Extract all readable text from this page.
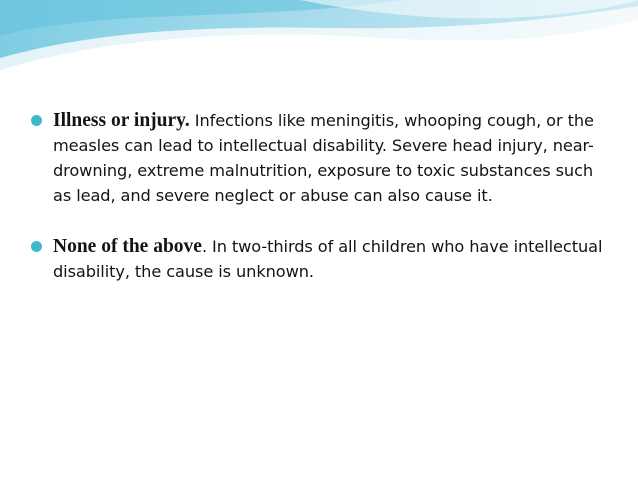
Illness or injury. Infections like meningitis, whooping cough, or the measles can lead to intellectual disability. Severe head injury, near-drowning, extreme malnutrition, exposure to toxic substances such as lead, and severe neglect or abuse can also cause it.
None of the above. In two-thirds of all children who have intellectual disability, the cause is unknown.
